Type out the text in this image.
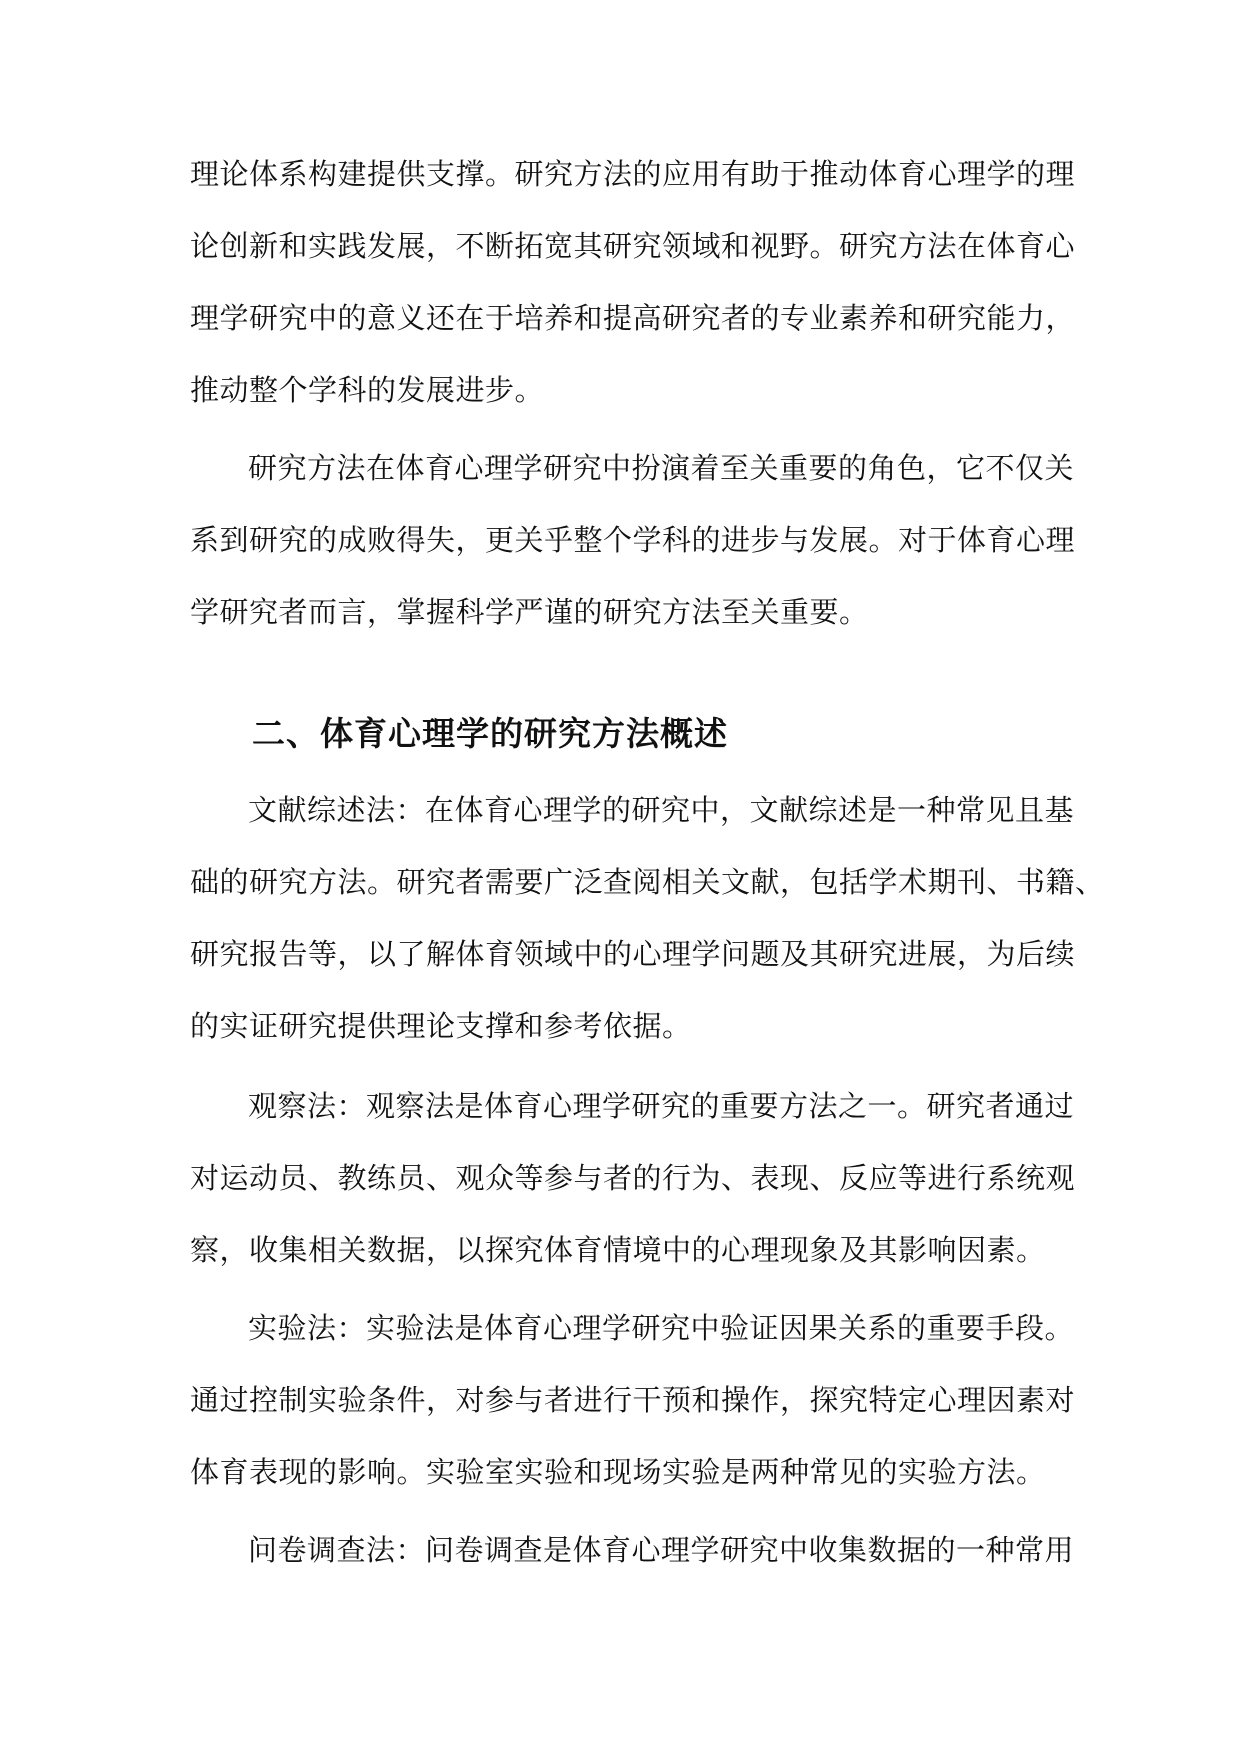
理论体系构建提供支撑。研究方法的应用有助于推动体育心理学的理
论创新和实践发展，不断拓宽其研究领域和视野。研究方法在体育心
理学研究中的意义还在于培养和提高研究者的专业素养和研究能力，
推动整个学科的发展进步。
研究方法在体育心理学研究中扮演着至关重要的角色，它不仅关
系到研究的成败得失，更关乎整个学科的进步与发展。对于体育心理
学研究者而言，掌握科学严谨的研究方法至关重要。
二、体育心理学的研究方法概述
文献综述法：在体育心理学的研究中，文献综述是一种常见且基
础的研究方法。研究者需要广泛查阅相关文献，包括学术期刊、书籍、
研究报告等，以了解体育领域中的心理学问题及其研究进展，为后续
的实证研究提供理论支撑和参考依据。
观察法：观察法是体育心理学研究的重要方法之一。研究者通过
对运动员、教练员、观众等参与者的行为、表现、反应等进行系统观
察，收集相关数据，以探究体育情境中的心理现象及其影响因素。
实验法：实验法是体育心理学研究中验证因果关系的重要手段。
通过控制实验条件，对参与者进行干预和操作，探究特定心理因素对
体育表现的影响。实验室实验和现场实验是两种常见的实验方法。
问卷调查法：问卷调查是体育心理学研究中收集数据的一种常用
